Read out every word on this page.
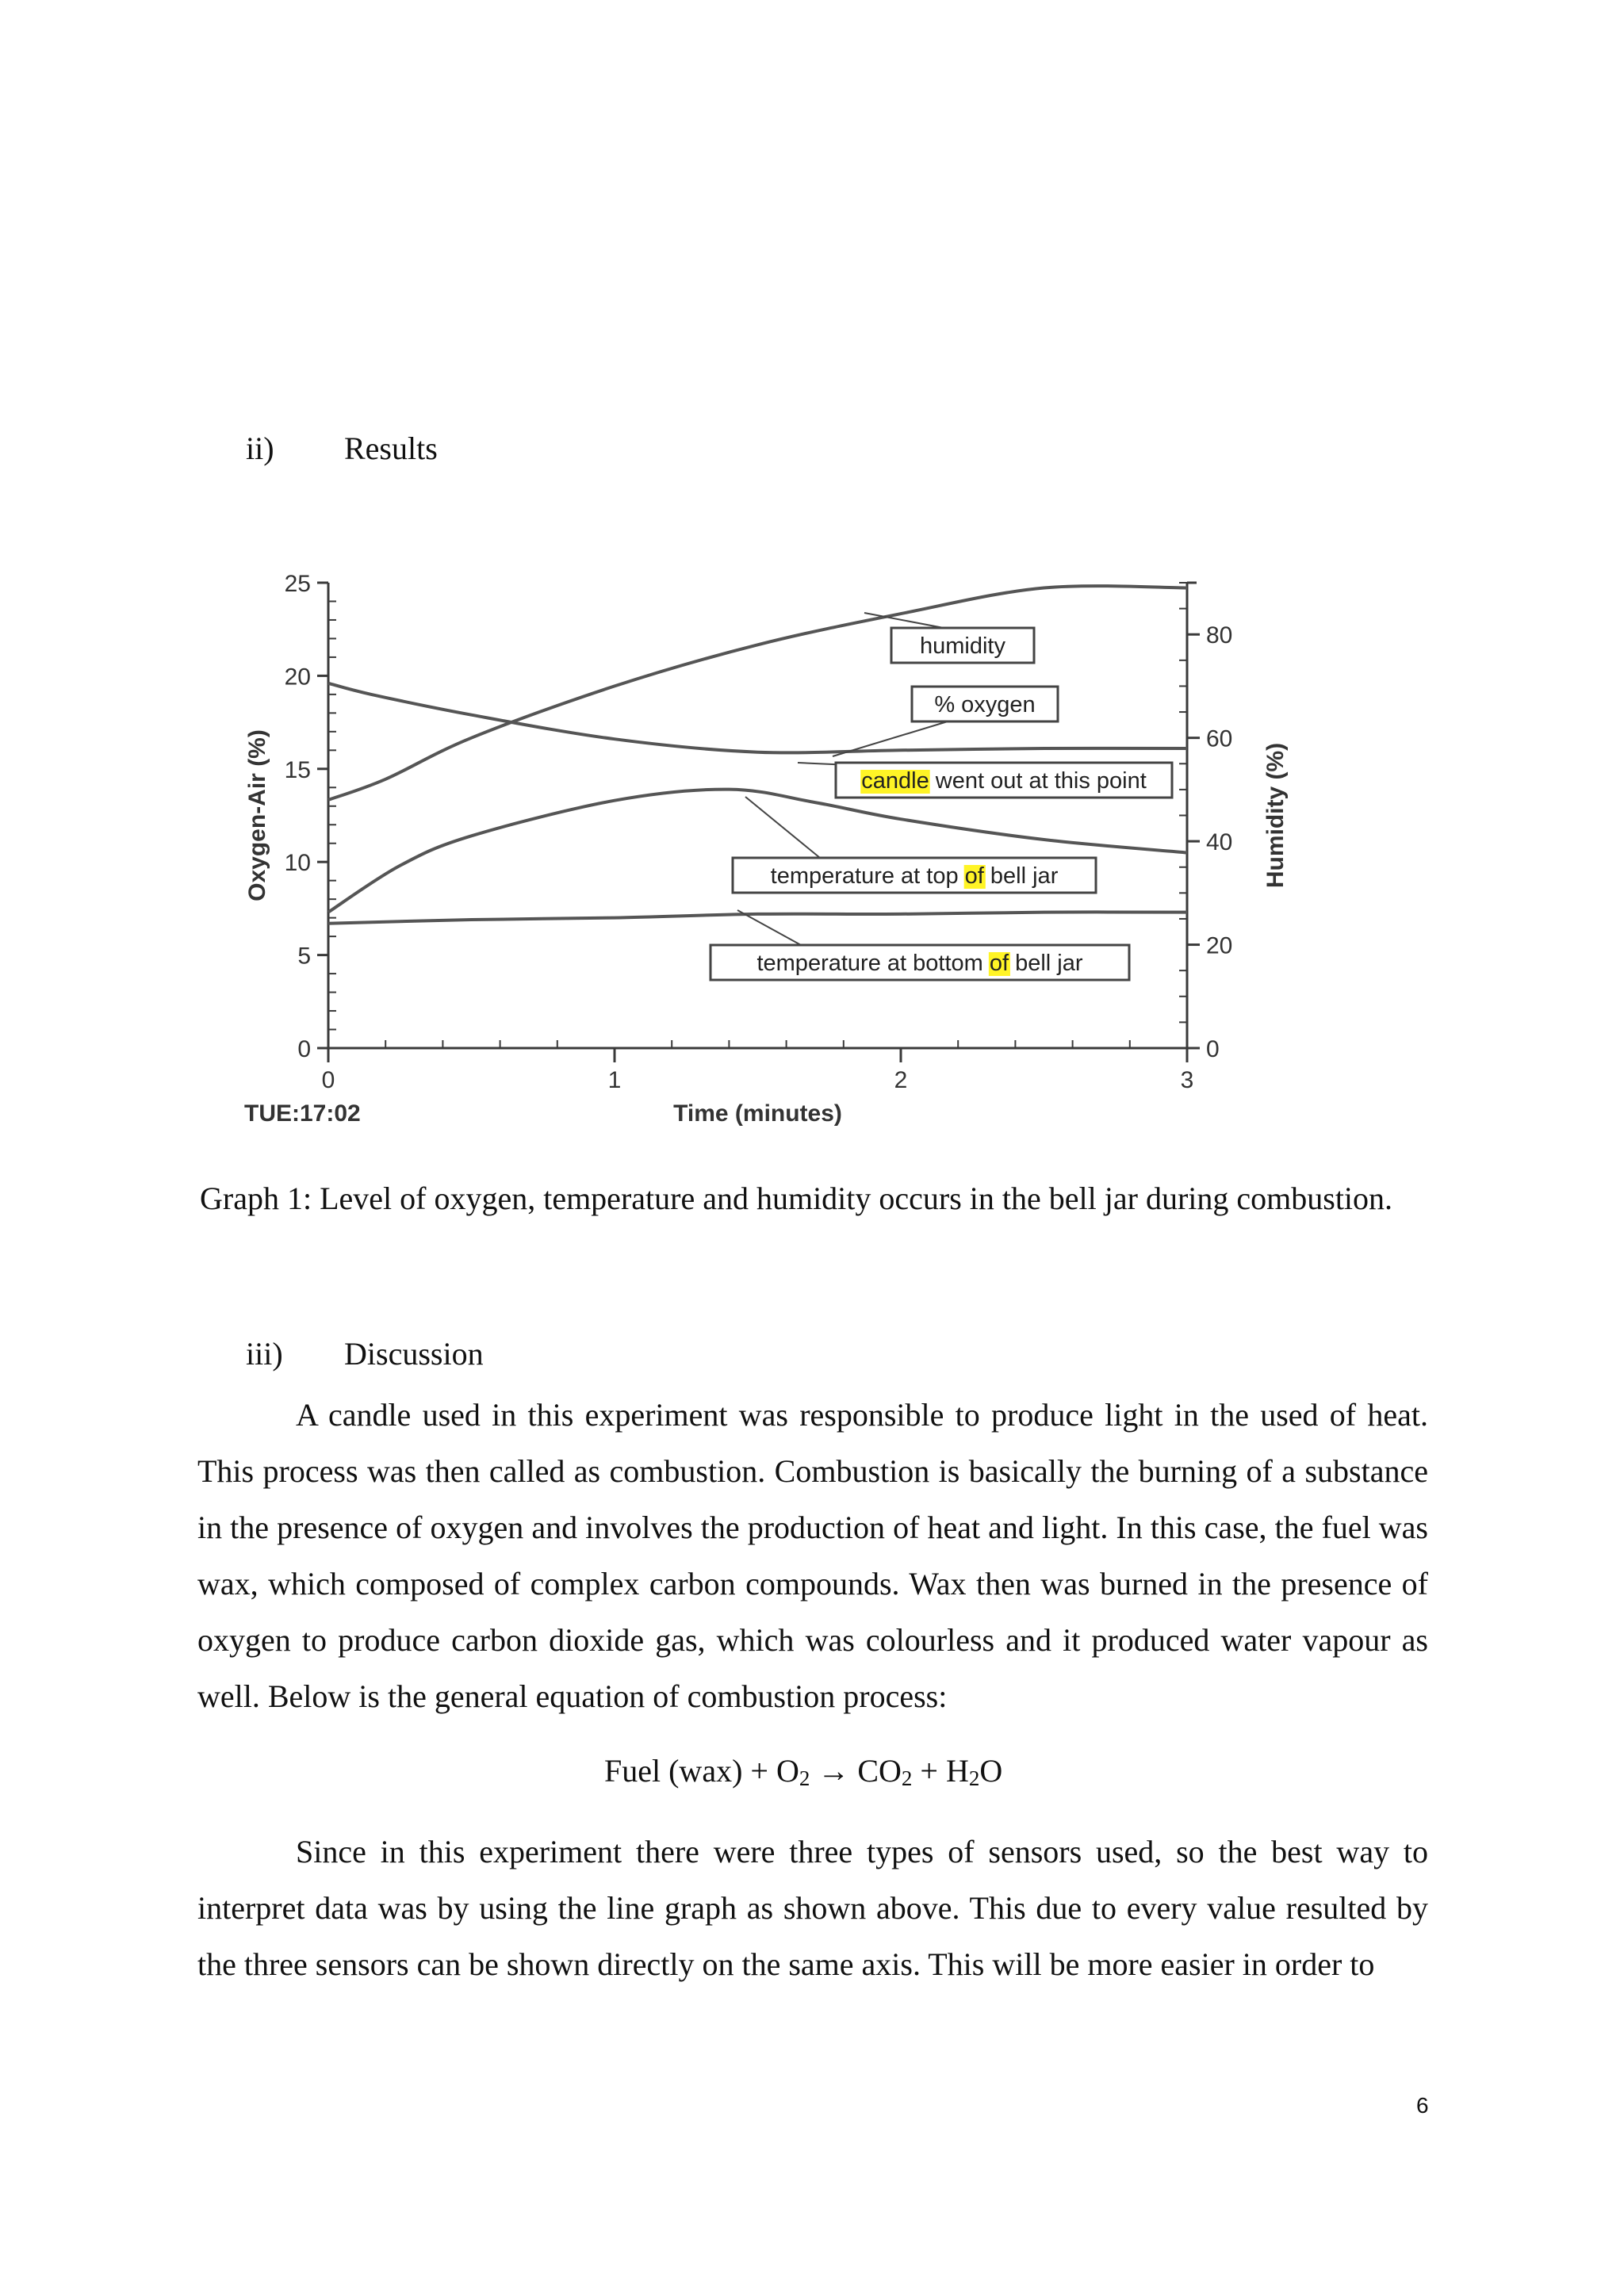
ii) Results
0
5
10
15
20
25
0
20
40
60
80
0	1	2	3
Time (minutes)
TUE:17:02
Oxygen-Air (%)	Humidity (%)
humidity
% oxygen
candle went out at this point
temperature at top of bell jar
temperature at bottom of bell jar
Graph 1: Level of oxygen, temperature and humidity occurs in the bell jar during combustion.
iii) Discussion

A candle used in this experiment was responsible to produce light in the used of heat. This process was then called as combustion. Combustion is basically the burning of a substance in the presence of oxygen and involves the production of heat and light. In this case, the fuel was wax, which composed of complex carbon compounds. Wax then was burned in the presence of oxygen to produce carbon dioxide gas, which was colourless and it produced water vapour as well. Below is the general equation of combustion process:

Fuel $(wax) + O_2 \to CO_2 + H_2O$

Since in this experiment there were three types of sensors used, so the best way to interpret data was by using the line graph as shown above. This due to every value resulted by the three sensors can be shown directly on the same axis. This will be more easier in order to

6
